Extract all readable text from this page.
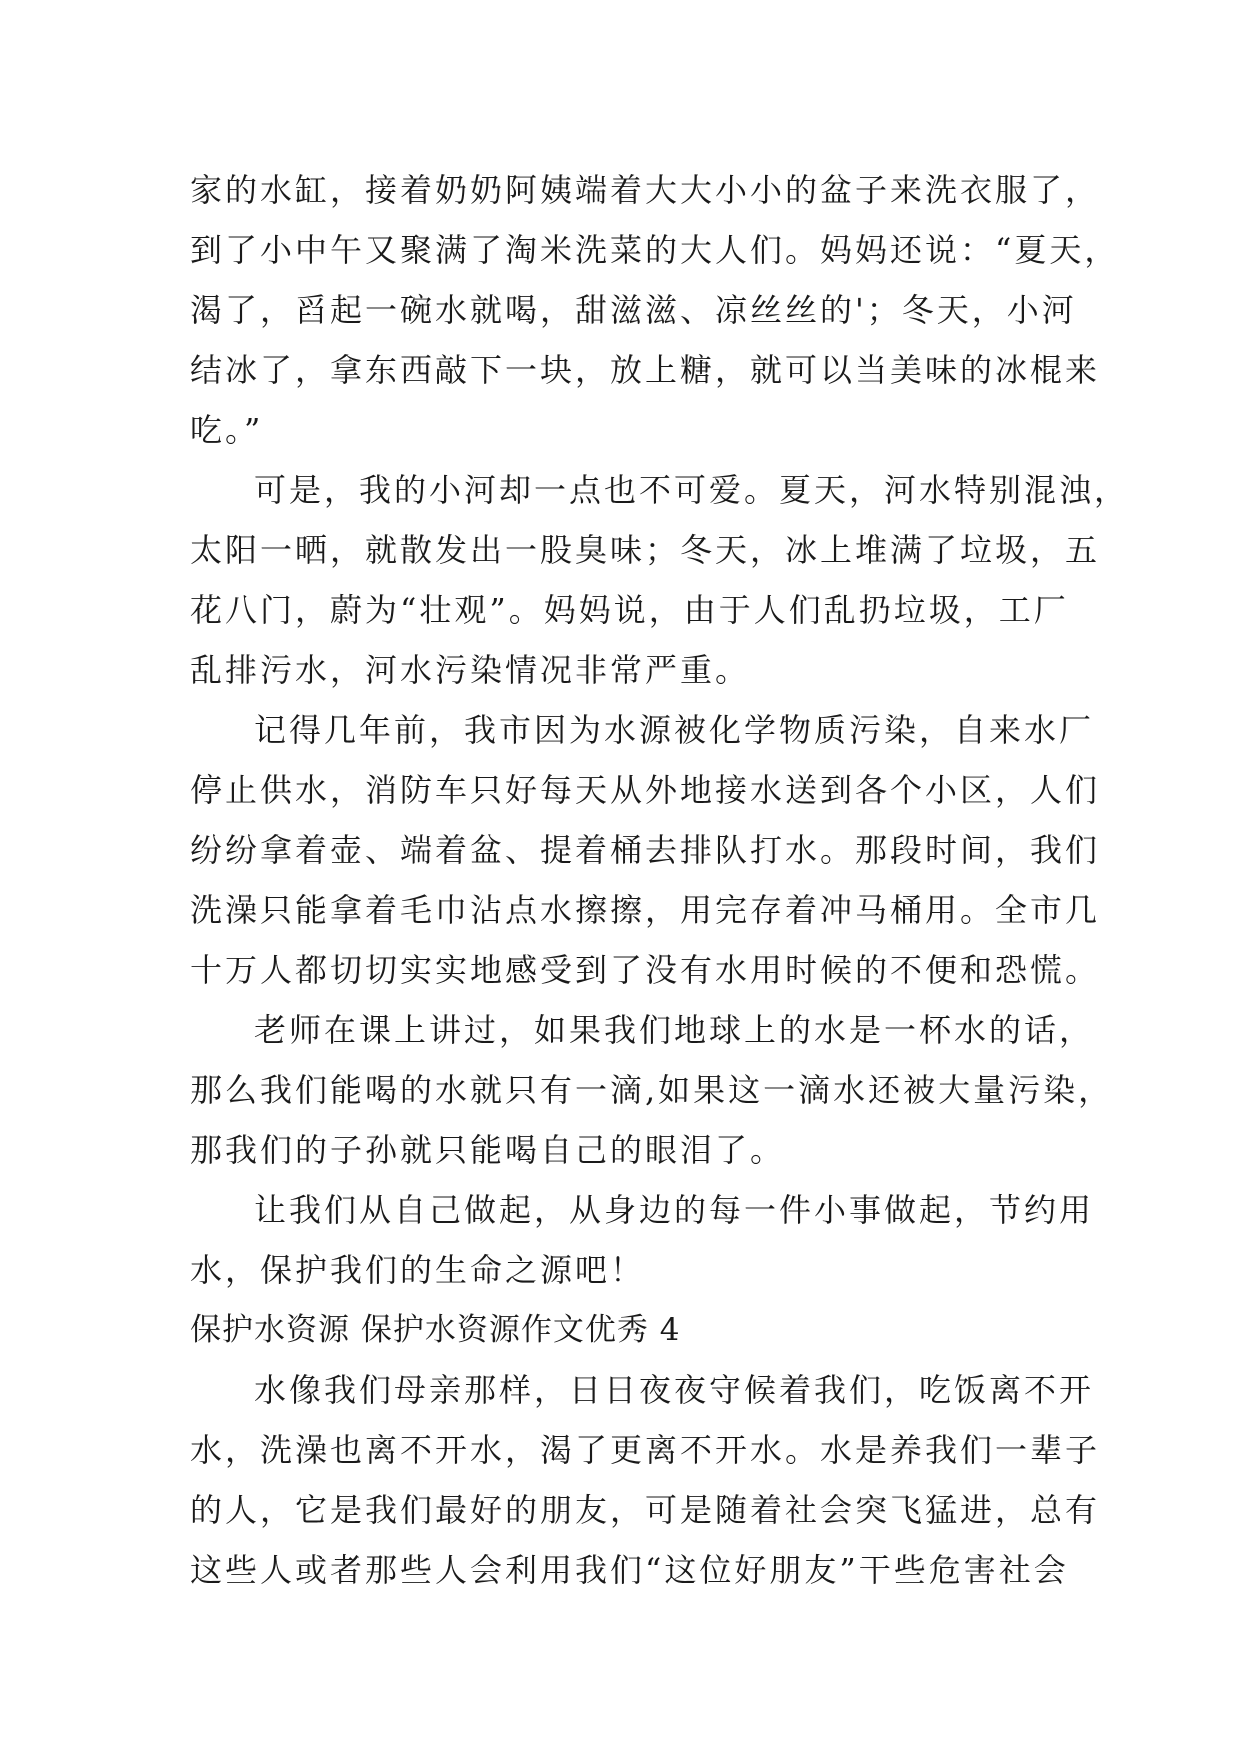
家的水缸，接着奶奶阿姨端着大大小小的盆子来洗衣服了，
到了小中午又聚满了淘米洗菜的大人们。妈妈还说：“夏天，
渴了，舀起一碗水就喝，甜滋滋、凉丝丝的'；冬天，小河
结冰了，拿东西敲下一块，放上糖，就可以当美味的冰棍来
吃。”
可是，我的小河却一点也不可爱。夏天，河水特别混浊，
太阳一晒，就散发出一股臭味；冬天，冰上堆满了垃圾，五
花八门，蔚为“壮观”。妈妈说，由于人们乱扔垃圾，工厂
乱排污水，河水污染情况非常严重。
记得几年前，我市因为水源被化学物质污染，自来水厂
停止供水，消防车只好每天从外地接水送到各个小区，人们
纷纷拿着壶、端着盆、提着桶去排队打水。那段时间，我们
洗澡只能拿着毛巾沾点水擦擦，用完存着冲马桶用。全市几
十万人都切切实实地感受到了没有水用时候的不便和恐慌。
老师在课上讲过，如果我们地球上的水是一杯水的话，
那么我们能喝的水就只有一滴,如果这一滴水还被大量污染，
那我们的子孙就只能喝自己的眼泪了。
让我们从自己做起，从身边的每一件小事做起，节约用
水，保护我们的生命之源吧！
保护水资源 保护水资源作文优秀 4
水像我们母亲那样，日日夜夜守候着我们，吃饭离不开
水，洗澡也离不开水，渴了更离不开水。水是养我们一辈子
的人，它是我们最好的朋友，可是随着社会突飞猛进，总有
这些人或者那些人会利用我们“这位好朋友”干些危害社会
